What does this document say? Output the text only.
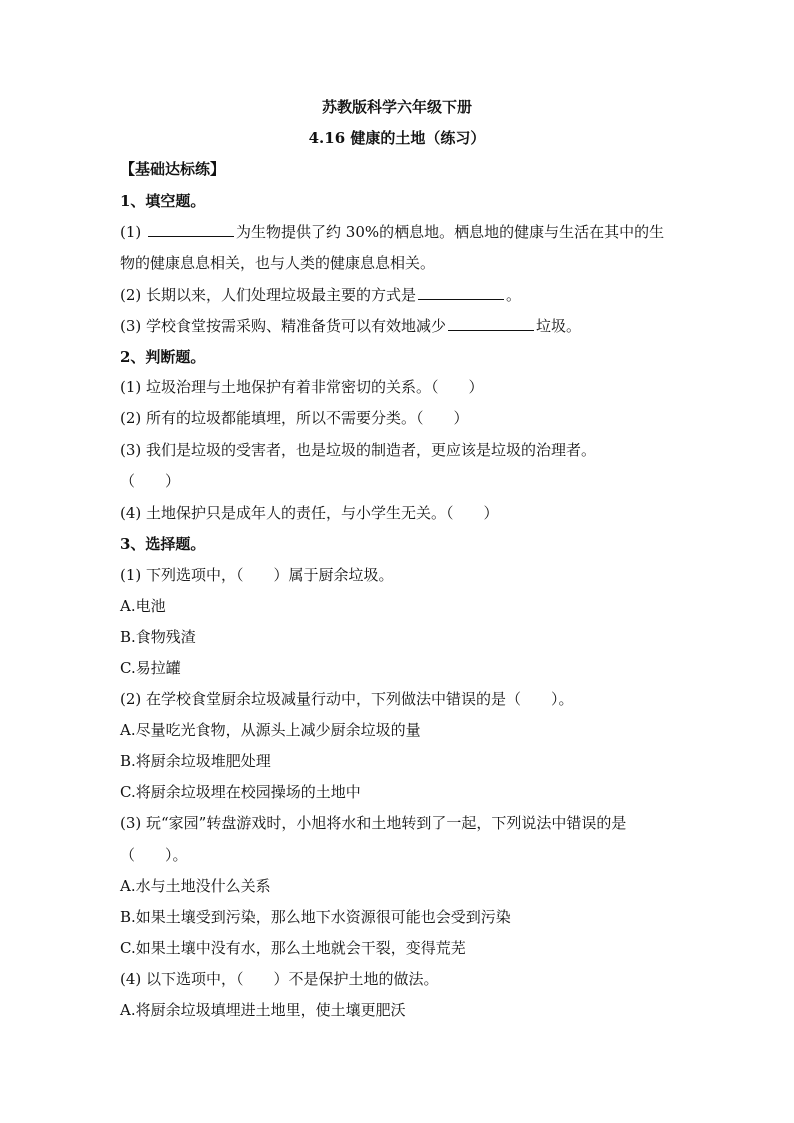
苏教版科学六年级下册
4.16 健康的土地（练习）
【基础达标练】
1、填空题。
(1)	为生物提供了约 30%的栖息地。栖息地的健康与生活在其中的生
物的健康息息相关，也与人类的健康息息相关。
(2) 长期以来，人们处理垃圾最主要的方式是	。
(3) 学校食堂按需采购、精准备货可以有效地减少	垃圾。
2、判断题。
(1) 垃圾治理与土地保护有着非常密切的关系。（　　）
(2) 所有的垃圾都能填埋，所以不需要分类。（　　）
(3) 我们是垃圾的受害者，也是垃圾的制造者，更应该是垃圾的治理者。
（　　）
(4) 土地保护只是成年人的责任，与小学生无关。（　　）
3、选择题。
(1) 下列选项中，（　　）属于厨余垃圾。
A.电池
B.食物残渣
C.易拉罐
(2) 在学校食堂厨余垃圾减量行动中，下列做法中错误的是（　　）。
A.尽量吃光食物，从源头上减少厨余垃圾的量
B.将厨余垃圾堆肥处理
C.将厨余垃圾埋在校园操场的土地中
(3) 玩“家园”转盘游戏时，小旭将水和土地转到了一起，下列说法中错误的是
（　　）。
A.水与土地没什么关系
B.如果土壤受到污染，那么地下水资源很可能也会受到污染
C.如果土壤中没有水，那么土地就会干裂，变得荒芜
(4) 以下选项中，（　　）不是保护土地的做法。
A.将厨余垃圾填埋进土地里，使土壤更肥沃
